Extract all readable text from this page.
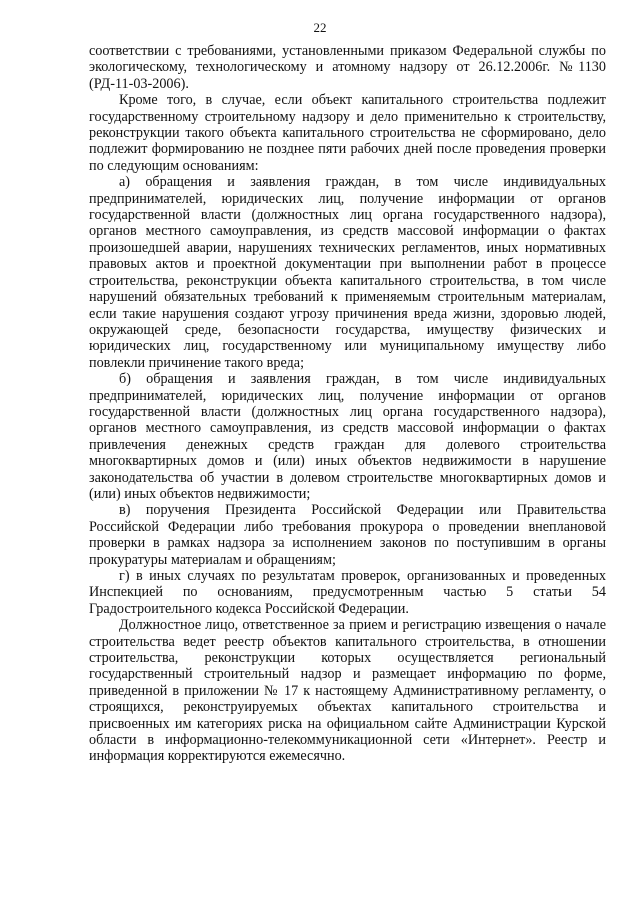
22

соответствии с требованиями, установленными приказом Федеральной службы по экологическому, технологическому и атомному надзору от 26.12.2006г. №1130 (РД-11-03-2006).

Кроме того, в случае, если объект капитального строительства подлежит государственному строительному надзору и дело применительно к строительству, реконструкции такого объекта капитального строительства не сформировано, дело подлежит формированию не позднее пяти рабочих дней после проведения проверки по следующим основаниям:

а) обращения и заявления граждан, в том числе индивидуальных предпринимателей, юридических лиц, получение информации от органов государственной власти (должностных лиц органа государственного надзора), органов местного самоуправления, из средств массовой информации о фактах произошедшей аварии, нарушениях технических регламентов, иных нормативных правовых актов и проектной документации при выполнении работ в процессе строительства, реконструкции объекта капитального строительства, в том числе нарушений обязательных требований к применяемым строительным материалам, если такие нарушения создают угрозу причинения вреда жизни, здоровью людей, окружающей среде, безопасности государства, имуществу физических и юридических лиц, государственному или муниципальному имуществу либо повлекли причинение такого вреда;

б) обращения и заявления граждан, в том числе индивидуальных предпринимателей, юридических лиц, получение информации от органов государственной власти (должностных лиц органа государственного надзора), органов местного самоуправления, из средств массовой информации о фактах привлечения денежных средств граждан для долевого строительства многоквартирных домов и (или) иных объектов недвижимости в нарушение законодательства об участии в долевом строительстве многоквартирных домов и (или) иных объектов недвижимости;

в) поручения Президента Российской Федерации или Правительства Российской Федерации либо требования прокурора о проведении внеплановой проверки в рамках надзора за исполнением законов по поступившим в органы прокуратуры материалам и обращениям;

г) в иных случаях по результатам проверок, организованных и проведенных Инспекцией по основаниям, предусмотренным частью 5 статьи 54 Градостроительного кодекса Российской Федерации.

Должностное лицо, ответственное за прием и регистрацию извещения о начале строительства ведет реестр объектов капитального строительства, в отношении строительства, реконструкции которых осуществляется региональный государственный строительный надзор и размещает информацию по форме, приведенной в приложении № 17 к настоящему Административному регламенту, о строящихся, реконструируемых объектах капитального строительства и присвоенных им категориях риска на официальном сайте Администрации Курской области в информационно-телекоммуникационной сети «Интернет». Реестр и информация корректируются ежемесячно.
